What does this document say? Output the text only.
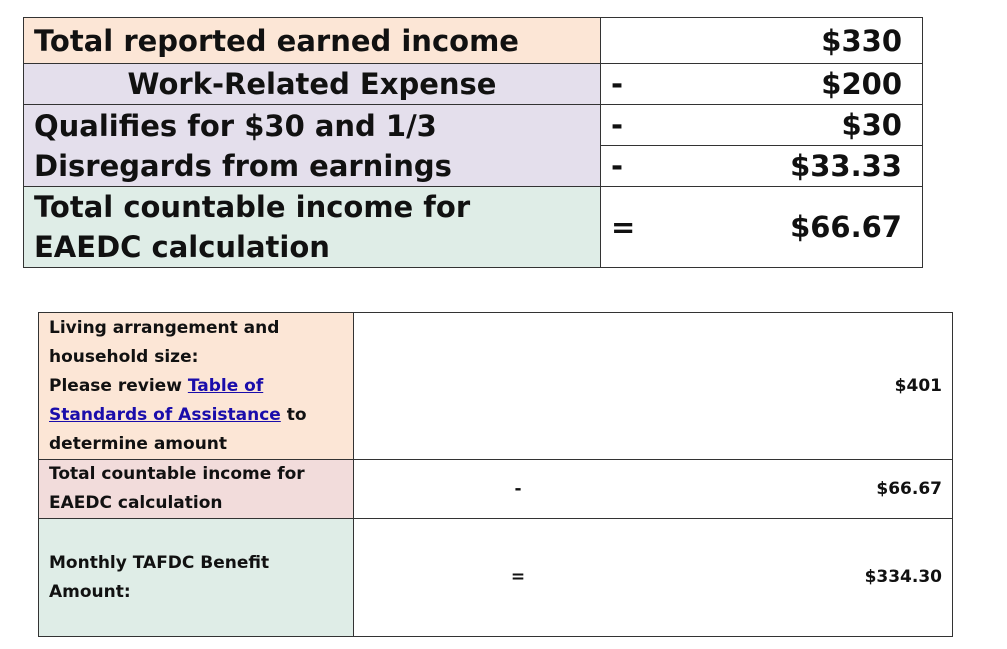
Total reported earned income	$330	
Work-Related Expense	-	$200

Qualifies for $30 and 1/3
Disregards from earnings	-	$30
	-	$33.33

Total countable income for
EAEDC calculation	=	$66.67
Living arrangement and
household size:
Please review Table of
Standards of Assistance to
determine amount		$401

Total countable income for
EAEDC calculation	-	$66.67

Monthly TAFDC Benefit
Amount:	=	$334.30
